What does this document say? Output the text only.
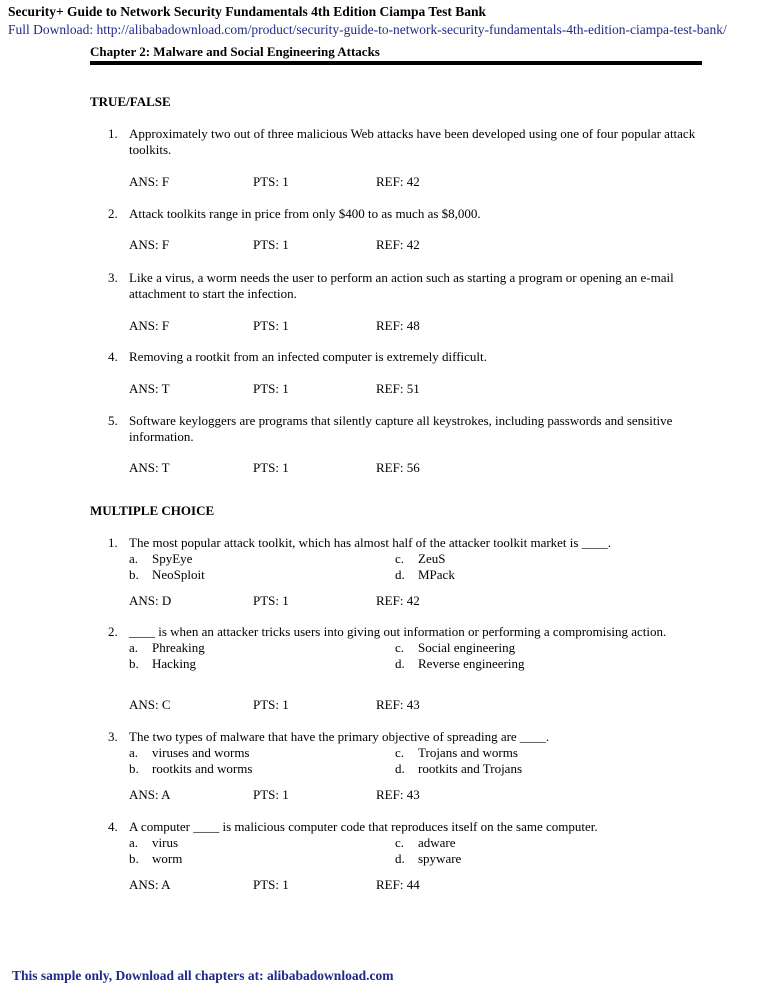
Security+ Guide to Network Security Fundamentals 4th Edition Ciampa Test Bank
Full Download: http://alibabadownload.com/product/security-guide-to-network-security-fundamentals-4th-edition-ciampa-test-bank/
Chapter 2: Malware and Social Engineering Attacks
TRUE/FALSE
1. Approximately two out of three malicious Web attacks have been developed using one of four popular attack toolkits.
ANS: F	PTS: 1	REF: 42
2. Attack toolkits range in price from only $400 to as much as $8,000.
ANS: F	PTS: 1	REF: 42
3. Like a virus, a worm needs the user to perform an action such as starting a program or opening an e-mail attachment to start the infection.
ANS: F	PTS: 1	REF: 48
4. Removing a rootkit from an infected computer is extremely difficult.
ANS: T	PTS: 1	REF: 51
5. Software keyloggers are programs that silently capture all keystrokes, including passwords and sensitive information.
ANS: T	PTS: 1	REF: 56
MULTIPLE CHOICE
1. The most popular attack toolkit, which has almost half of the attacker toolkit market is ____.
a. SpyEye
b. NeoSploit
c. ZeuS
d. MPack
ANS: D	PTS: 1	REF: 42
2. ____ is when an attacker tricks users into giving out information or performing a compromising action.
a. Phreaking
b. Hacking
c. Social engineering
d. Reverse engineering
ANS: C	PTS: 1	REF: 43
3. The two types of malware that have the primary objective of spreading are ____.
a. viruses and worms
b. rootkits and worms
c. Trojans and worms
d. rootkits and Trojans
ANS: A	PTS: 1	REF: 43
4. A computer ____ is malicious computer code that reproduces itself on the same computer.
a. virus
b. worm
c. adware
d. spyware
ANS: A	PTS: 1	REF: 44
This sample only, Download all chapters at: alibabadownload.com
